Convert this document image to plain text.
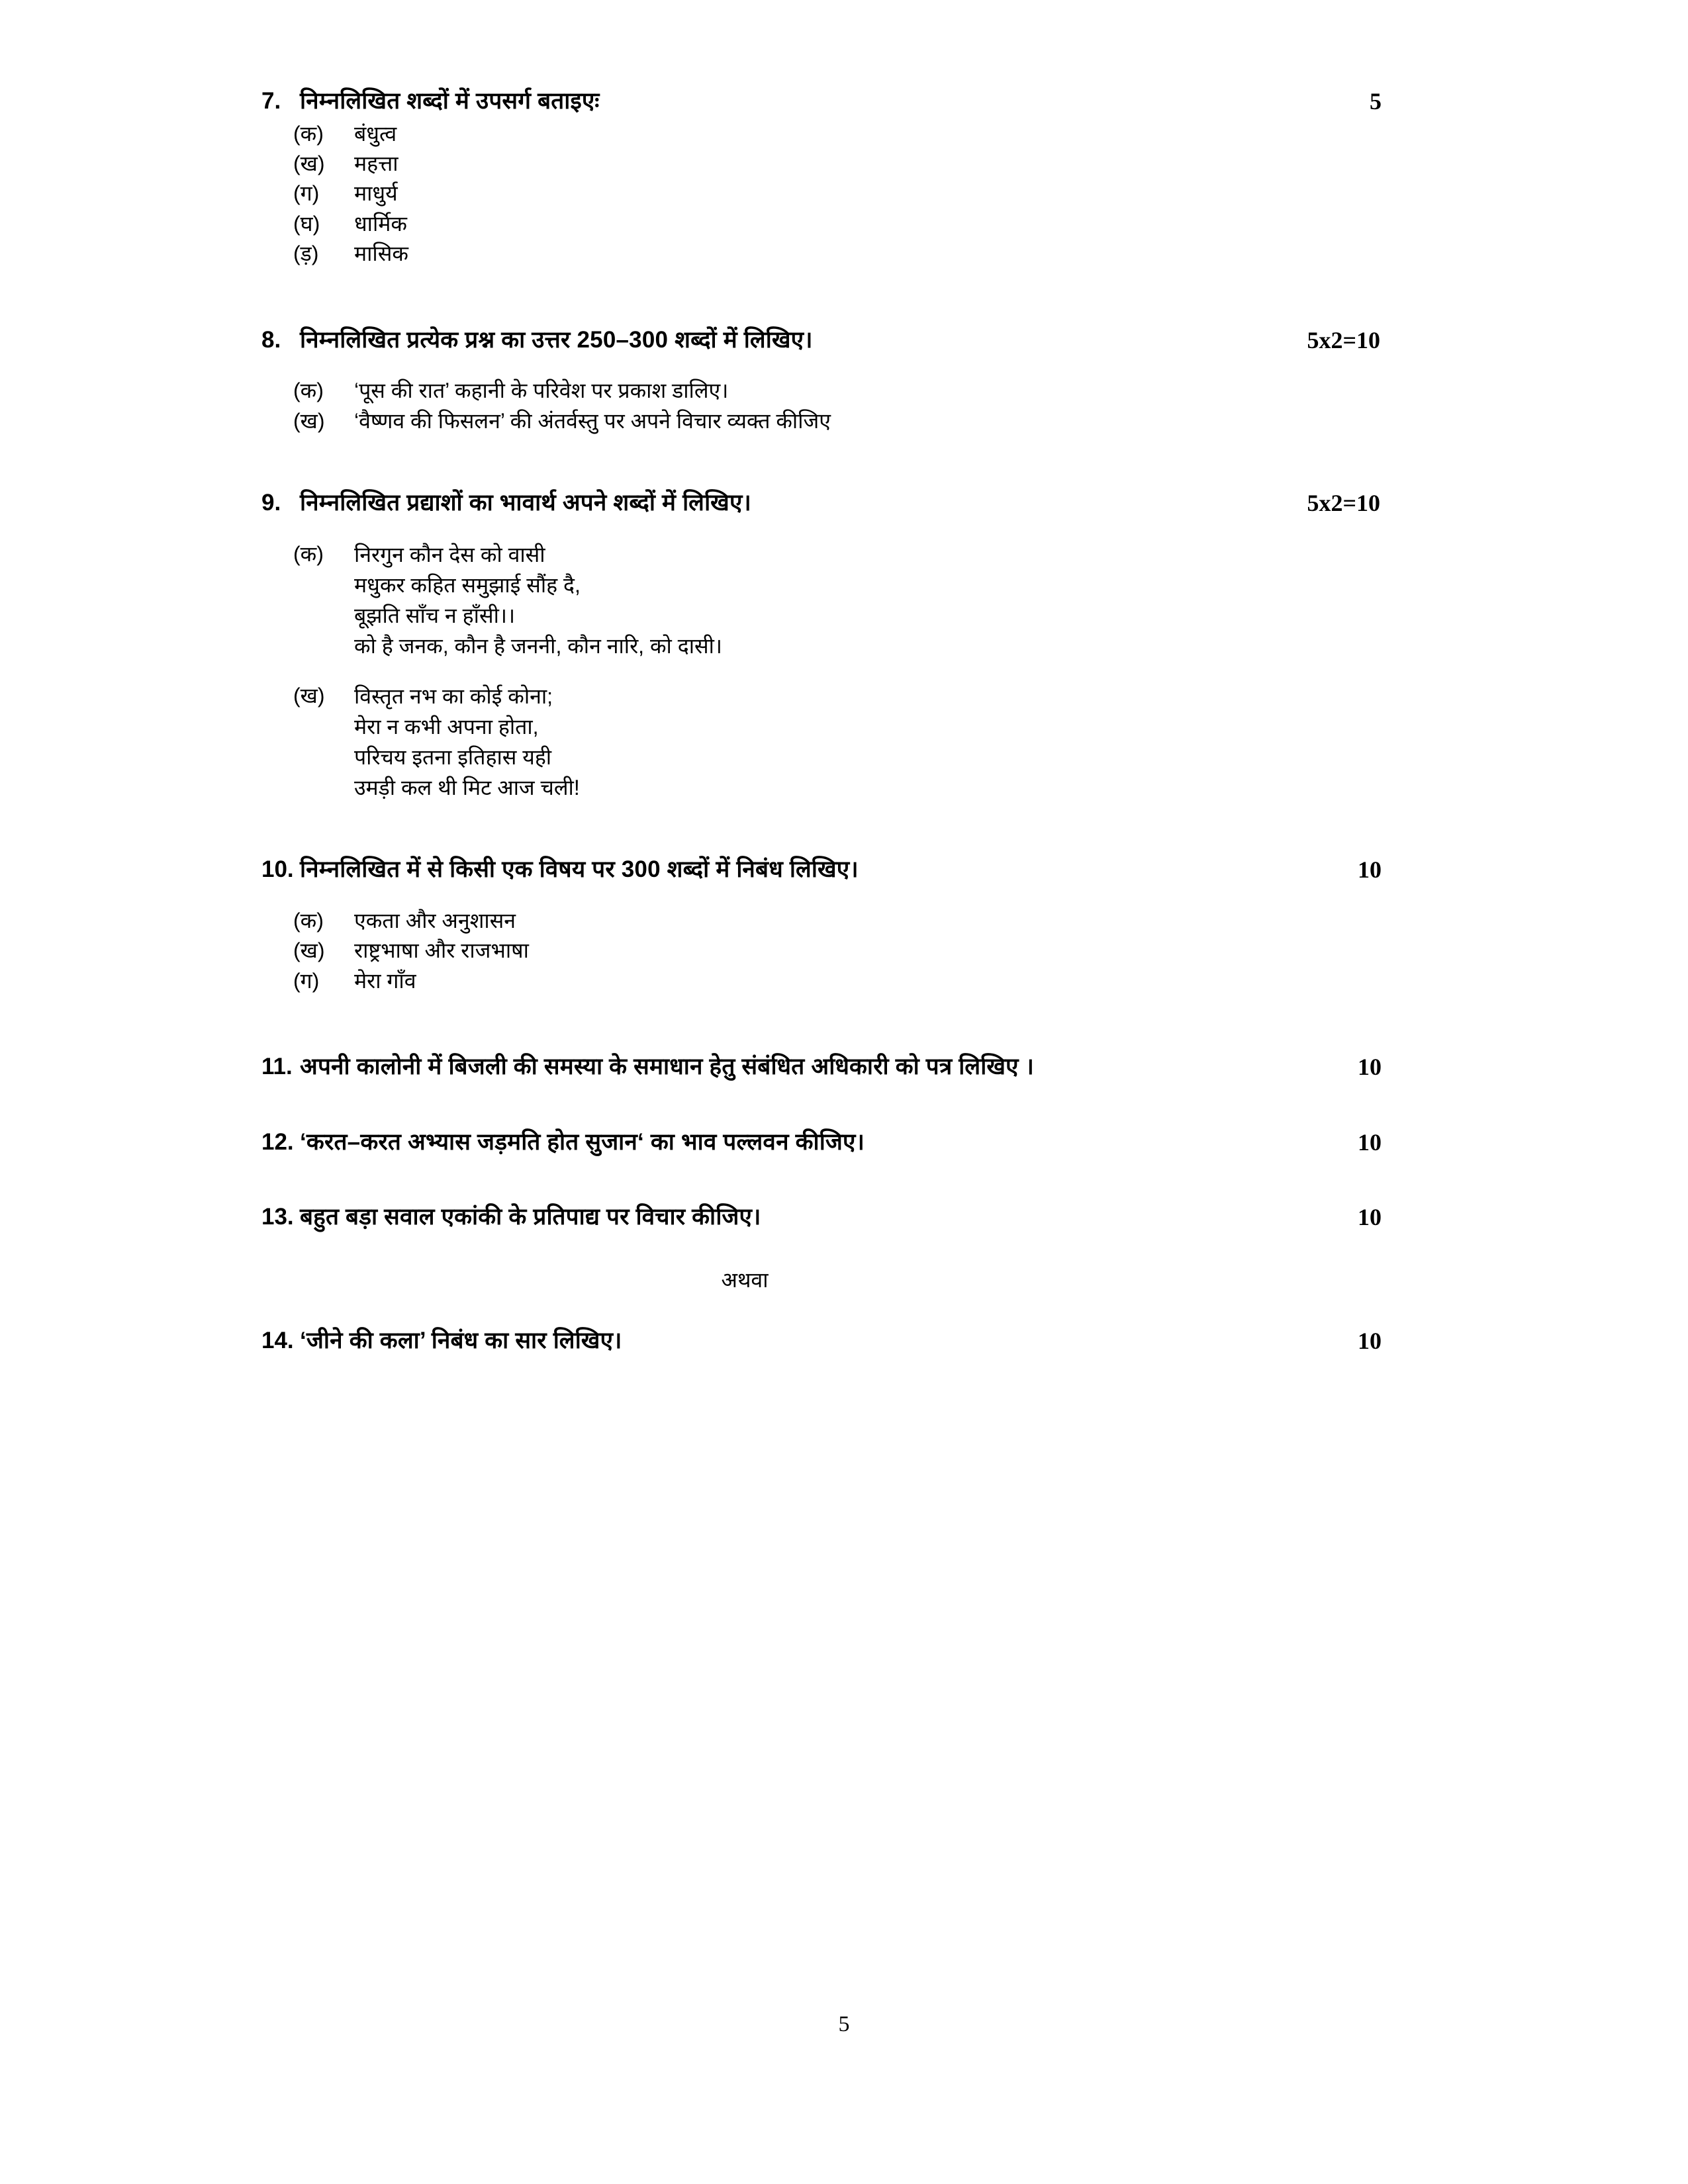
7. निम्नलिखित शब्दों में उपसर्ग बताइएः	5
(क)	बंधुत्व
(ख)	महत्ता
(ग)	माधुर्य
(घ)	धार्मिक
(ड़)	मासिक
8. निम्नलिखित प्रत्येक प्रश्न का उत्तर 250–300 शब्दों में लिखिए।	5x2=10
(क)	‘पूस की रात’ कहानी के परिवेश पर प्रकाश डालिए।
(ख)	‘वैष्णव की फिसलन’ की अंतर्वस्तु पर अपने विचार व्यक्त कीजिए
9. निम्नलिखित प्रद्याशों का भावार्थ अपने शब्दों में लिखिए।	5x2=10
(क)	निरगुन कौन देस को वासी
मधुकर कहित समुझाई सौंह दै,
बूझति साँच न हाँसी।।
को है जनक, कौन है जननी, कौन नारि, को दासी।
(ख)	विस्तृत नभ का कोई कोना;
मेरा न कभी अपना होता,
परिचय इतना इतिहास यही
उमड़ी कल थी मिट आज चली!
10. निम्नलिखित में से किसी एक विषय पर 300 शब्दों में निबंध लिखिए।	10
(क)	एकता और अनुशासन
(ख)	राष्ट्रभाषा और राजभाषा
(ग)	मेरा गाँव
11. अपनी कालोनी में बिजली की समस्या के समाधान हेतु संबंधित अधिकारी को पत्र लिखिए ।	10
12. ‘करत–करत अभ्यास जड़मति होत सुजान‘ का भाव पल्लवन कीजिए।	10
13. बहुत बड़ा सवाल एकांकी के प्रतिपाद्य पर विचार कीजिए।	10
अथवा
14. ‘जीने की कला’ निबंध का सार लिखिए।	10
5
